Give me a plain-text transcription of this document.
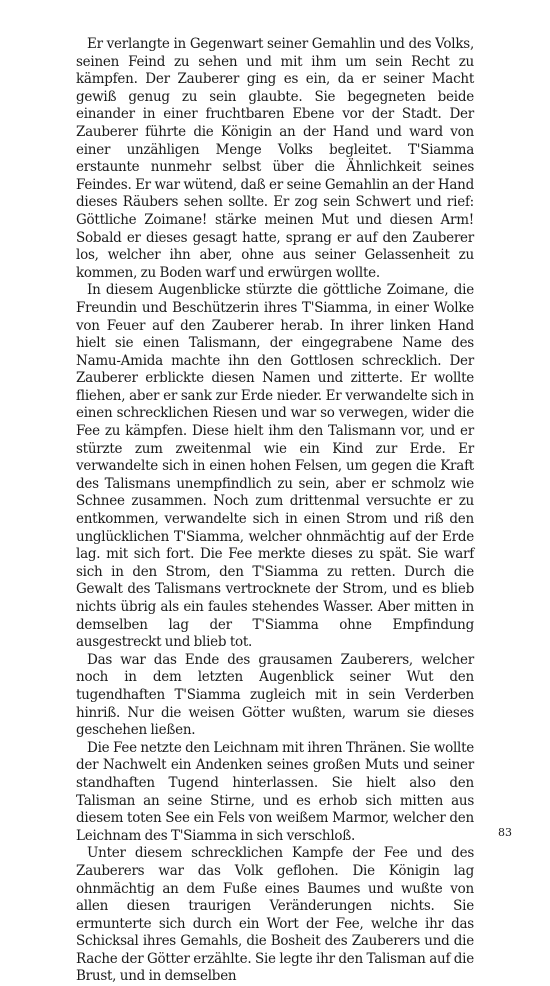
Er verlangte in Gegenwart seiner Gemahlin und des Volks, seinen Feind zu sehen und mit ihm um sein Recht zu kämpfen. Der Zauberer ging es ein, da er seiner Macht gewiß genug zu sein glaubte. Sie begegneten beide einander in einer fruchtbaren Ebene vor der Stadt. Der Zauberer führte die Königin an der Hand und ward von einer unzähligen Menge Volks begleitet. T'Siamma erstaunte nunmehr selbst über die Ähnlichkeit seines Feindes. Er war wütend, daß er seine Gemahlin an der Hand dieses Räubers sehen sollte. Er zog sein Schwert und rief: Göttliche Zoimane! stärke meinen Mut und diesen Arm! Sobald er dieses gesagt hatte, sprang er auf den Zauberer los, welcher ihn aber, ohne aus seiner Gelassenheit zu kommen, zu Boden warf und erwürgen wollte.

In diesem Augenblicke stürzte die göttliche Zoimane, die Freundin und Beschützerin ihres T'Siamma, in einer Wolke von Feuer auf den Zauberer herab. In ihrer linken Hand hielt sie einen Talismann, der eingegrabene Name des Namu-Amida machte ihn den Gottlosen schrecklich. Der Zauberer erblickte diesen Namen und zitterte. Er wollte fliehen, aber er sank zur Erde nieder. Er verwandelte sich in einen schrecklichen Riesen und war so verwegen, wider die Fee zu kämpfen. Diese hielt ihm den Talismann vor, und er stürzte zum zweitenmal wie ein Kind zur Erde. Er verwandelte sich in einen hohen Felsen, um gegen die Kraft des Talismans unempfindlich zu sein, aber er schmolz wie Schnee zusammen. Noch zum drittenmal versuchte er zu entkommen, verwandelte sich in einen Strom und riß den unglücklichen T'Siamma, welcher ohnmächtig auf der Erde lag. mit sich fort. Die Fee merkte dieses zu spät. Sie warf sich in den Strom, den T'Siamma zu retten. Durch die Gewalt des Talismans vertrocknete der Strom, und es blieb nichts übrig als ein faules stehendes Wasser. Aber mitten in demselben lag der T'Siamma ohne Empfindung ausgestreckt und blieb tot.

Das war das Ende des grausamen Zauberers, welcher noch in dem letzten Augenblick seiner Wut den tugendhaften T'Siamma zugleich mit in sein Verderben hinriß. Nur die weisen Götter wußten, warum sie dieses geschehen ließen.

Die Fee netzte den Leichnam mit ihren Thränen. Sie wollte der Nachwelt ein Andenken seines großen Muts und seiner standhaften Tugend hinterlassen. Sie hielt also den Talisman an seine Stirne, und es erhob sich mitten aus diesem toten See ein Fels von weißem Marmor, welcher den Leichnam des T'Siamma in sich verschloß.

Unter diesem schrecklichen Kampfe der Fee und des Zauberers war das Volk geflohen. Die Königin lag ohnmächtig an dem Fuße eines Baumes und wußte von allen diesen traurigen Veränderungen nichts. Sie ermunterte sich durch ein Wort der Fee, welche ihr das Schicksal ihres Gemahls, die Bosheit des Zauberers und die Rache der Götter erzählte. Sie legte ihr den Talisman auf die Brust, und in demselben

83
